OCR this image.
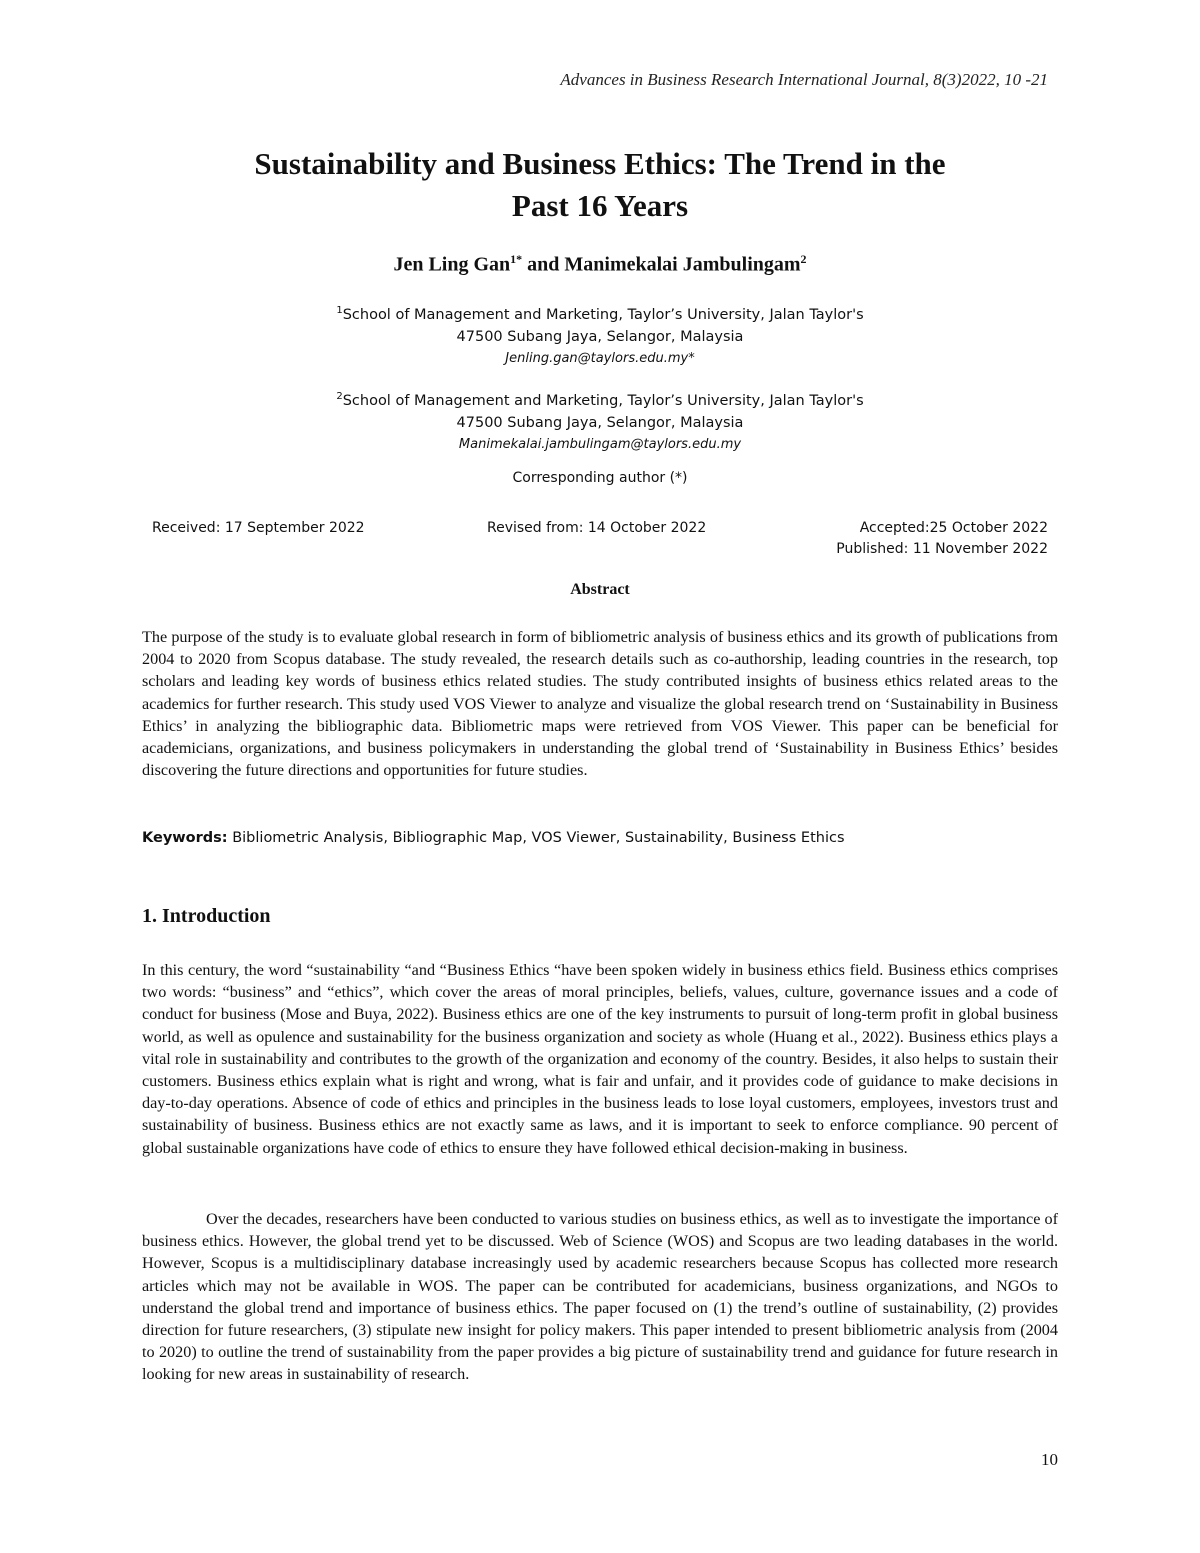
Advances in Business Research International Journal, 8(3)2022, 10 -21
Sustainability and Business Ethics: The Trend in the
Past 16 Years
Jen Ling Gan$^{1*}$ and Manimekalai Jambulingam$^2$
$^1$School of Management and Marketing, Taylor’s University, Jalan Taylor's
47500 Subang Jaya, Selangor, Malaysia
Jenling.gan@taylors.edu.my*
$^2$School of Management and Marketing, Taylor’s University, Jalan Taylor's
47500 Subang Jaya, Selangor, Malaysia
Manimekalai.jambulingam@taylors.edu.my
Corresponding author (*)
Received: 17 September 2022	Revised from: 14 October 2022	Accepted:25 October 2022
Published: 11 November 2022
Abstract

The purpose of the study is to evaluate global research in form of bibliometric analysis of business ethics and its growth of publications from 2004 to 2020 from Scopus database. The study revealed, the research details such as co-authorship, leading countries in the research, top scholars and leading key words of business ethics related studies. The study contributed insights of business ethics related areas to the academics for further research. This study used VOS Viewer to analyze and visualize the global research trend on ‘Sustainability in Business Ethics’ in analyzing the bibliographic data. Bibliometric maps were retrieved from VOS Viewer. This paper can be beneficial for academicians, organizations, and business policymakers in understanding the global trend of ‘Sustainability in Business Ethics’ besides discovering the future directions and opportunities for future studies.

Keywords: Bibliometric Analysis, Bibliographic Map, VOS Viewer, Sustainability, Business Ethics
1. Introduction

In this century, the word “sustainability “and “Business Ethics “have been spoken widely in business ethics field. Business ethics comprises two words: “business” and “ethics”, which cover the areas of moral principles, beliefs, values, culture, governance issues and a code of conduct for business (Mose and Buya, 2022). Business ethics are one of the key instruments to pursuit of long-term profit in global business world, as well as opulence and sustainability for the business organization and society as whole (Huang et al., 2022). Business ethics plays a vital role in sustainability and contributes to the growth of the organization and economy of the country. Besides, it also helps to sustain their customers. Business ethics explain what is right and wrong, what is fair and unfair, and it provides code of guidance to make decisions in day-to-day operations. Absence of code of ethics and principles in the business leads to lose loyal customers, employees, investors trust and sustainability of business. Business ethics are not exactly same as laws, and it is important to seek to enforce compliance. 90 percent of global sustainable organizations have code of ethics to ensure they have followed ethical decision-making in business.

Over the decades, researchers have been conducted to various studies on business ethics, as well as to investigate the importance of business ethics. However, the global trend yet to be discussed. Web of Science (WOS) and Scopus are two leading databases in the world. However, Scopus is a multidisciplinary database increasingly used by academic researchers because Scopus has collected more research articles which may not be available in WOS. The paper can be contributed for academicians, business organizations, and NGOs to understand the global trend and importance of business ethics. The paper focused on (1) the trend’s outline of sustainability, (2) provides direction for future researchers, (3) stipulate new insight for policy makers. This paper intended to present bibliometric analysis from (2004 to 2020) to outline the trend of sustainability from the paper provides a big picture of sustainability trend and guidance for future research in looking for new areas in sustainability of research.

10
